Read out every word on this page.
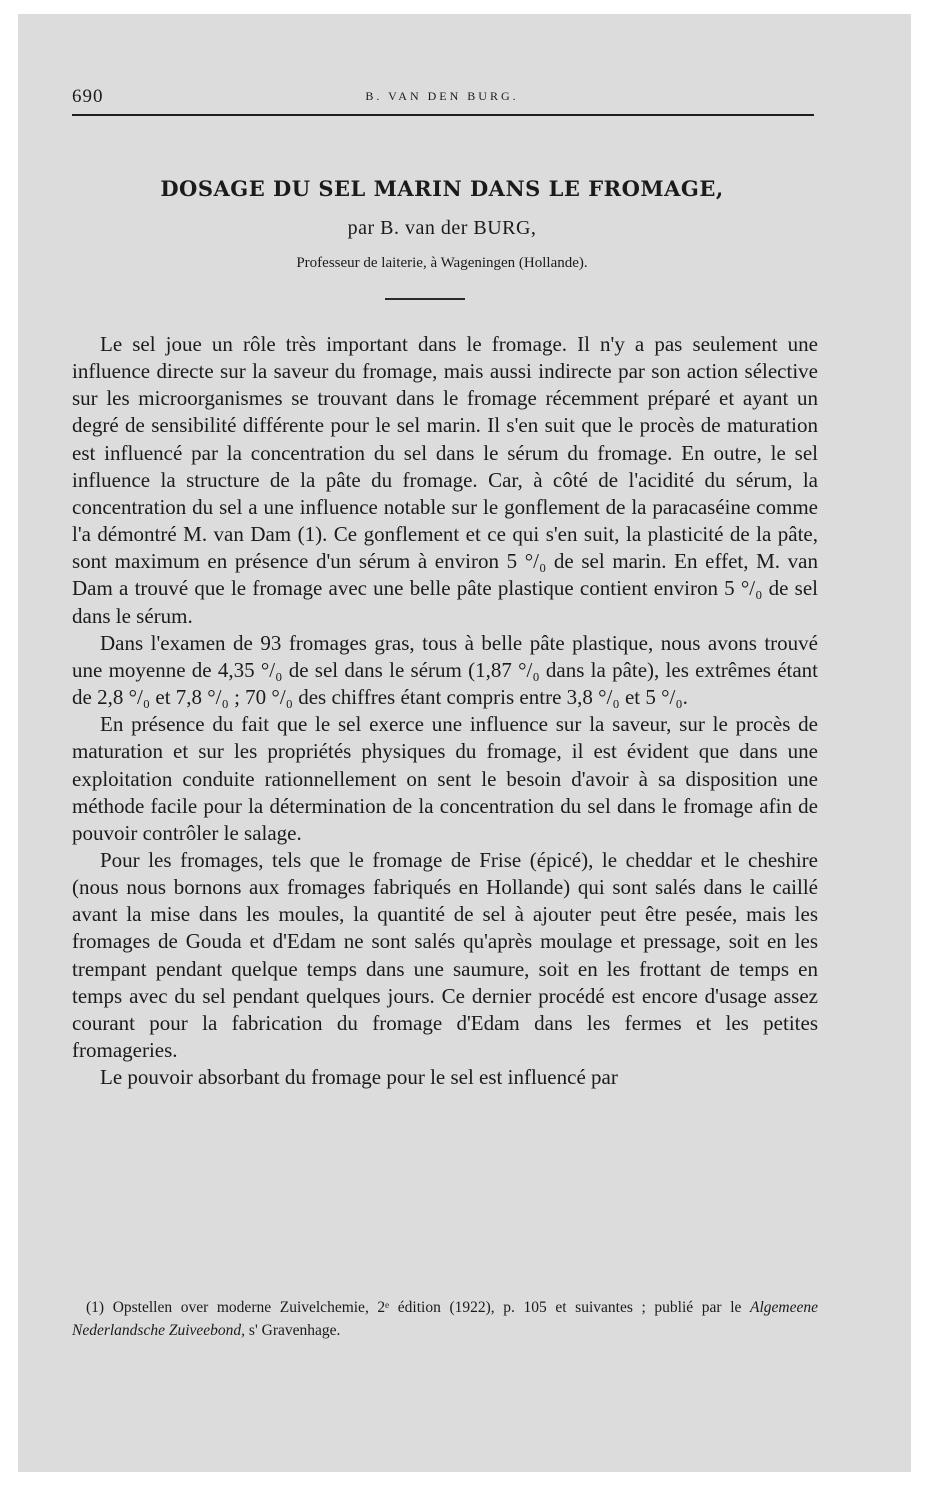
690	B. VAN DEN BURG.
DOSAGE DU SEL MARIN DANS LE FROMAGE,
par B. van der BURG,
Professeur de laiterie, à Wageningen (Hollande).

Le sel joue un rôle très important dans le fromage. Il n'y a pas seulement une influence directe sur la saveur du fromage, mais aussi indirecte par son action sélective sur les microorganismes se trouvant dans le fromage récemment préparé et ayant un degré de sensibilité différente pour le sel marin. Il s'en suit que le procès de maturation est influencé par la concentration du sel dans le sérum du fromage. En outre, le sel influence la structure de la pâte du fromage. Car, à côté de l'acidité du sérum, la concentration du sel a une influence notable sur le gonflement de la paracaséine comme l'a démontré M. van Dam (1). Ce gonflement et ce qui s'en suit, la plasticité de la pâte, sont maximum en présence d'un sérum à environ 5 °/₀ de sel marin. En effet, M. van Dam a trouvé que le fromage avec une belle pâte plastique contient environ 5 °/₀ de sel dans le sérum.

Dans l'examen de 93 fromages gras, tous à belle pâte plastique, nous avons trouvé une moyenne de 4,35 °/₀ de sel dans le sérum (1,87 °/₀ dans la pâte), les extrêmes étant de 2,8 °/₀ et 7,8 °/₀ ; 70 °/₀ des chiffres étant compris entre 3,8 °/₀ et 5 °/₀.

En présence du fait que le sel exerce une influence sur la saveur, sur le procès de maturation et sur les propriétés physiques du fromage, il est évident que dans une exploitation conduite rationnellement on sent le besoin d'avoir à sa disposition une méthode facile pour la détermination de la concentration du sel dans le fromage afin de pouvoir contrôler le salage.

Pour les fromages, tels que le fromage de Frise (épicé), le cheddar et le cheshire (nous nous bornons aux fromages fabriqués en Hollande) qui sont salés dans le caillé avant la mise dans les moules, la quantité de sel à ajouter peut être pesée, mais les fromages de Gouda et d'Edam ne sont salés qu'après moulage et pressage, soit en les trempant pendant quelque temps dans une saumure, soit en les frottant de temps en temps avec du sel pendant quelques jours. Ce dernier procédé est encore d'usage assez courant pour la fabrication du fromage d'Edam dans les fermes et les petites fromageries.

Le pouvoir absorbant du fromage pour le sel est influencé par

(1) Opstellen over moderne Zuivelchemie, 2ᵉ édition (1922), p. 105 et suivantes ; publié par le Algemeene Nederlandsche Zuiveebond, s' Gravenhage.
